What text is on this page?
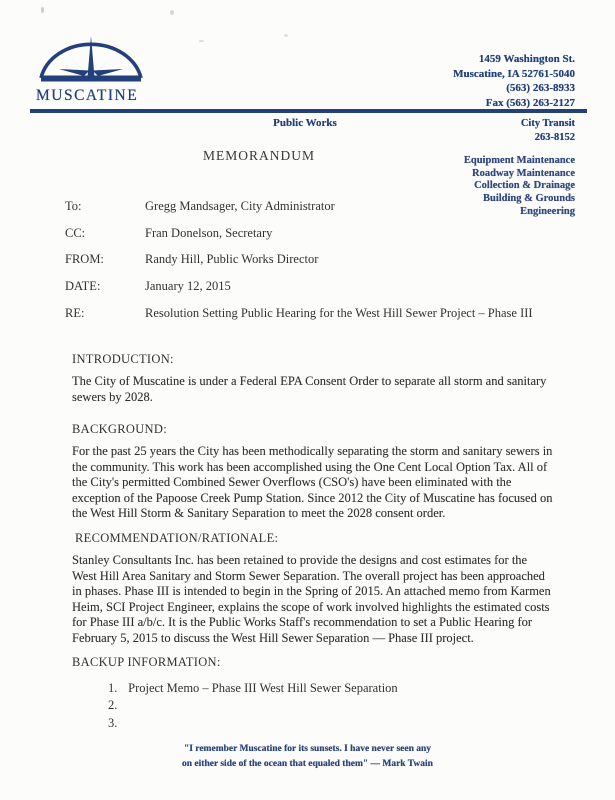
MUSCATINE
1459 Washington St.
Muscatine, IA 52761-5040
(563) 263-8933
Fax (563) 263-2127
Public Works	City Transit
263-8152
Equipment Maintenance
Roadway Maintenance
Collection & Drainage
Building & Grounds
Engineering
MEMORANDUM
To:	Gregg Mandsager, City Administrator
CC:	Fran Donelson, Secretary
FROM:	Randy Hill, Public Works Director
DATE:	January 12, 2015
RE:	Resolution Setting Public Hearing for the West Hill Sewer Project – Phase III
INTRODUCTION:
The City of Muscatine is under a Federal EPA Consent Order to separate all storm and sanitary sewers by 2028.
BACKGROUND:
For the past 25 years the City has been methodically separating the storm and sanitary sewers in the community. This work has been accomplished using the One Cent Local Option Tax. All of the City's permitted Combined Sewer Overflows (CSO's) have been eliminated with the exception of the Papoose Creek Pump Station. Since 2012 the City of Muscatine has focused on the West Hill Storm & Sanitary Separation to meet the 2028 consent order.
RECOMMENDATION/RATIONALE:
Stanley Consultants Inc. has been retained to provide the designs and cost estimates for the West Hill Area Sanitary and Storm Sewer Separation. The overall project has been approached in phases. Phase III is intended to begin in the Spring of 2015. An attached memo from Karmen Heim, SCI Project Engineer, explains the scope of work involved highlights the estimated costs for Phase III a/b/c. It is the Public Works Staff's recommendation to set a Public Hearing for February 5, 2015 to discuss the West Hill Sewer Separation — Phase III project.
BACKUP INFORMATION:
1. Project Memo – Phase III West Hill Sewer Separation
2.
3.
"I remember Muscatine for its sunsets. I have never seen any
on either side of the ocean that equaled them" — Mark Twain
